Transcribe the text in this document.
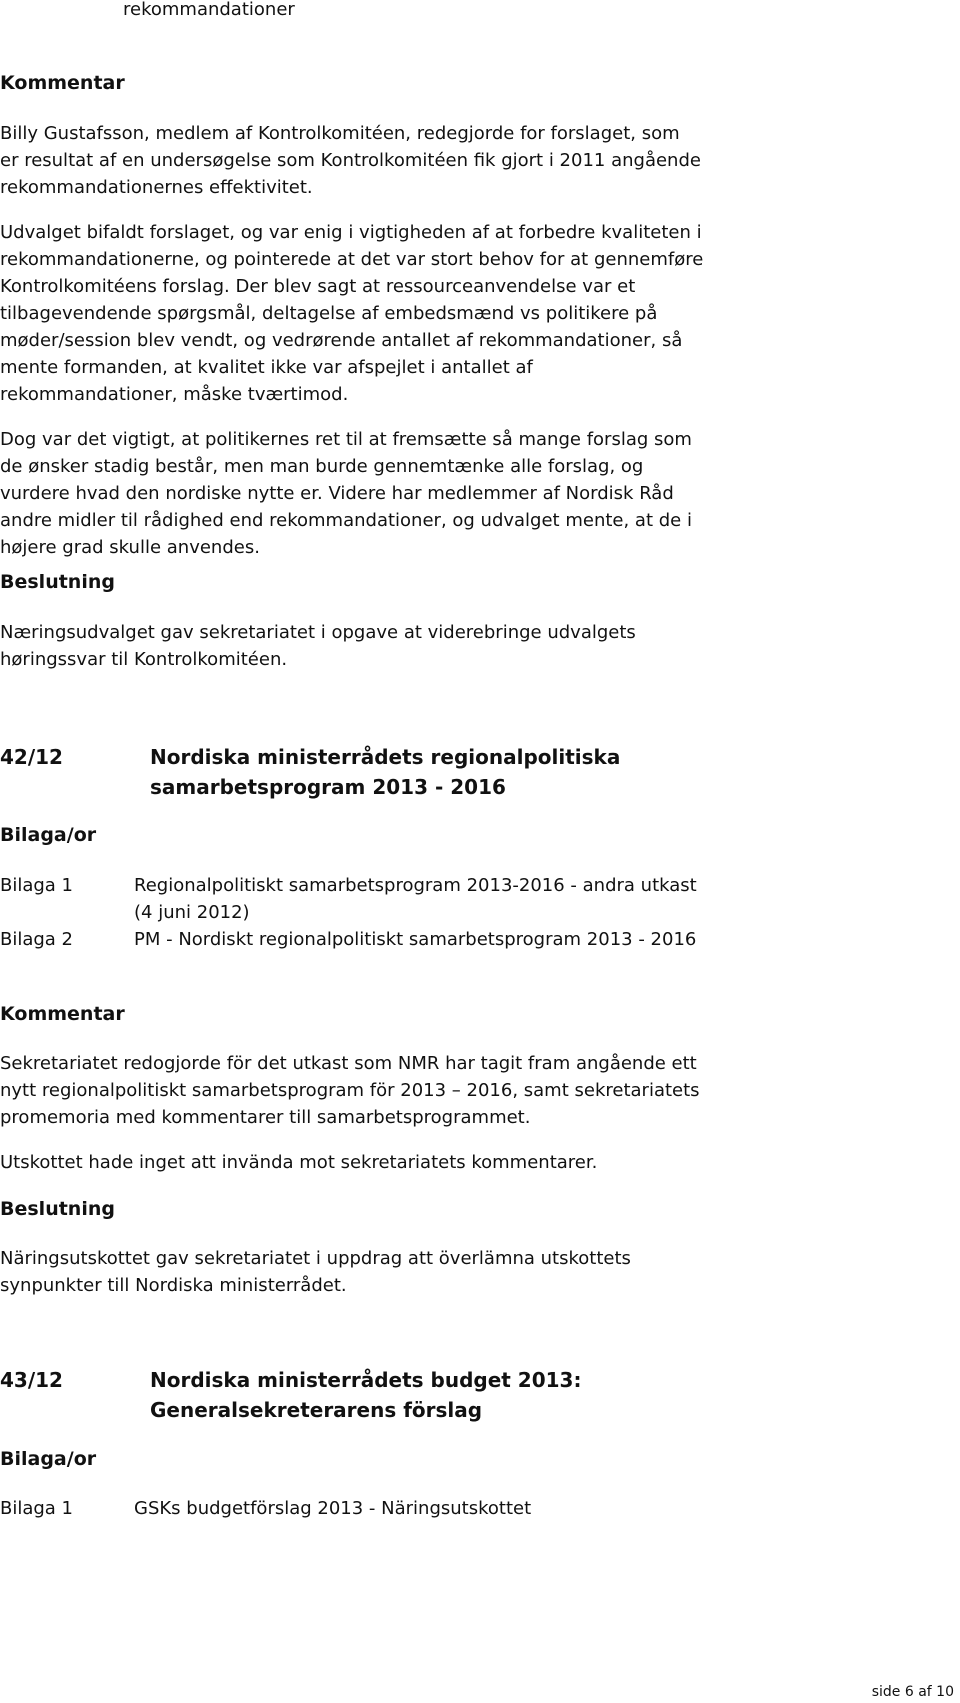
rekommandationer

Kommentar

Billy Gustafsson, medlem af Kontrolkomitéen, redegjorde for forslaget, som
er resultat af en undersøgelse som Kontrolkomitéen fik gjort i 2011 angående
rekommandationernes effektivitet.

Udvalget bifaldt forslaget, og var enig i vigtigheden af at forbedre kvaliteten i
rekommandationerne, og pointerede at det var stort behov for at gennemføre
Kontrolkomitéens forslag. Der blev sagt at ressourceanvendelse var et
tilbagevendende spørgsmål, deltagelse af embedsmænd vs politikere på
møder/session blev vendt, og vedrørende antallet af rekommandationer, så
mente formanden, at kvalitet ikke var afspejlet i antallet af
rekommandationer, måske tværtimod.

Dog var det vigtigt, at politikernes ret til at fremsætte så mange forslag som
de ønsker stadig består, men man burde gennemtænke alle forslag, og
vurdere hvad den nordiske nytte er. Videre har medlemmer af Nordisk Råd
andre midler til rådighed end rekommandationer, og udvalget mente, at de i
højere grad skulle anvendes.

Beslutning

Næringsudvalget gav sekretariatet i opgave at viderebringe udvalgets
høringssvar til Kontrolkomitéen.

42/12	Nordiska ministerrådets regionalpolitiska
samarbetsprogram 2013 - 2016

Bilaga/or

Bilaga 1	Regionalpolitiskt samarbetsprogram 2013-2016 - andra utkast
(4 juni 2012)
Bilaga 2	PM - Nordiskt regionalpolitiskt samarbetsprogram 2013 - 2016

Kommentar

Sekretariatet redogjorde för det utkast som NMR har tagit fram angående ett
nytt regionalpolitiskt samarbetsprogram för 2013 – 2016, samt sekretariatets
promemoria med kommentarer till samarbetsprogrammet.

Utskottet hade inget att invända mot sekretariatets kommentarer.

Beslutning

Näringsutskottet gav sekretariatet i uppdrag att överlämna utskottets
synpunkter till Nordiska ministerrådet.

43/12	Nordiska ministerrådets budget 2013:
Generalsekreterarens förslag

Bilaga/or

Bilaga 1	GSKs budgetförslag 2013 - Näringsutskottet
side 6 af 10
